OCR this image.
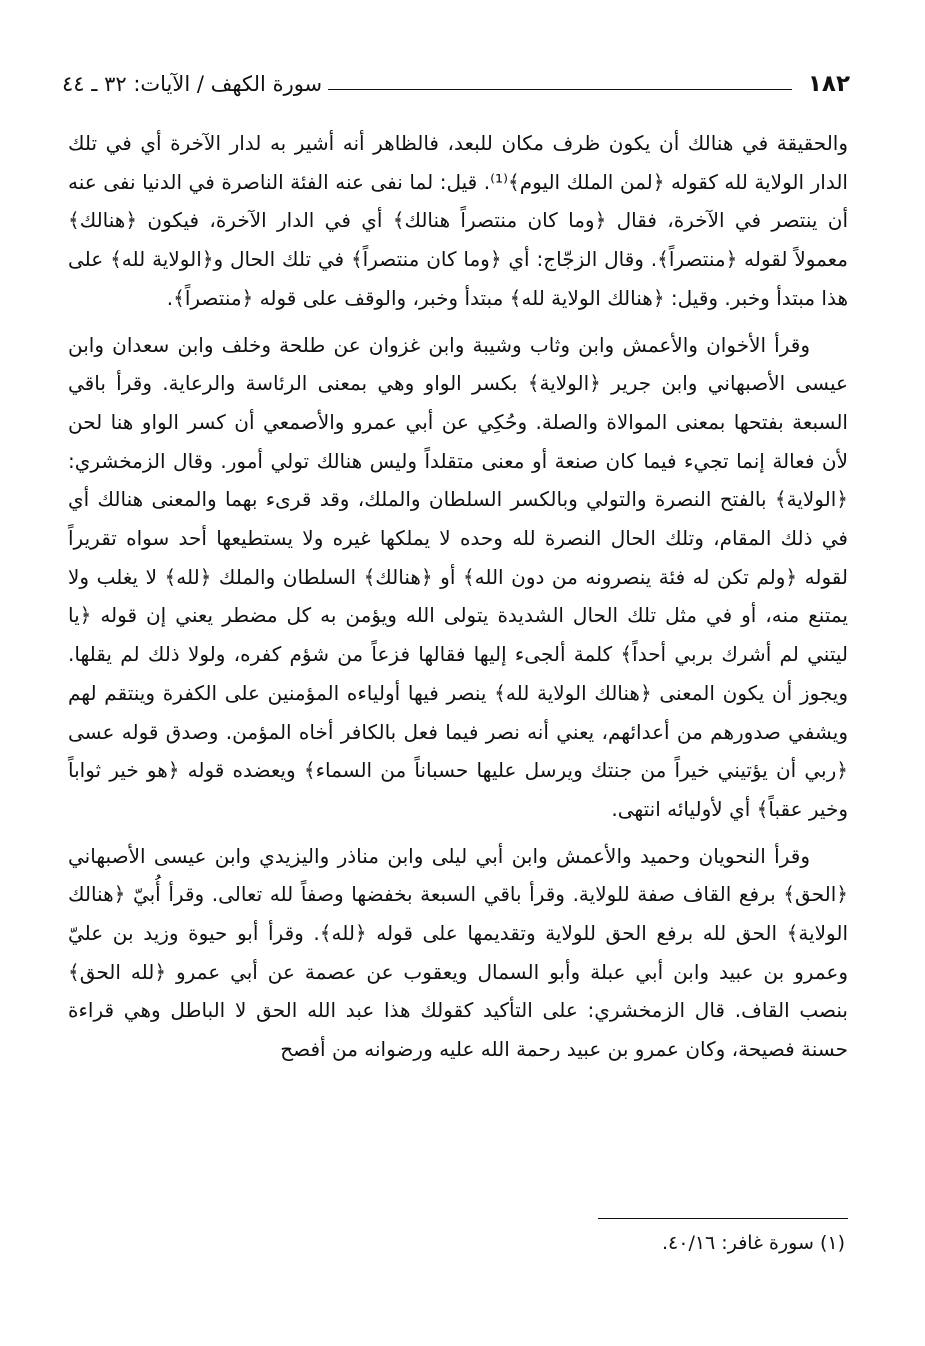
١٨٢
سورة الكهف / الآيات: ٣٢ ـ ٤٤

والحقيقة في هنالك أن يكون ظرف مكان للبعد، فالظاهر أنه أشير به لدار الآخرة أي في تلك الدار الولاية لله كقوله ﴿لمن الملك اليوم﴾⁽¹⁾. قيل: لما نفى عنه الفئة الناصرة في الدنيا نفى عنه أن ينتصر في الآخرة، فقال ﴿وما كان منتصراً هنالك﴾ أي في الدار الآخرة، فيكون ﴿هنالك﴾ معمولاً لقوله ﴿منتصراً﴾. وقال الزجّاج: أي ﴿وما كان منتصراً﴾ في تلك الحال و﴿الولاية لله﴾ على هذا مبتدأ وخبر. وقيل: ﴿هنالك الولاية لله﴾ مبتدأ وخبر، والوقف على قوله ﴿منتصراً﴾.

وقرأ الأخوان والأعمش وابن وثاب وشيبة وابن غزوان عن طلحة وخلف وابن سعدان وابن عيسى الأصبهاني وابن جرير ﴿الولاية﴾ بكسر الواو وهي بمعنى الرئاسة والرعاية. وقرأ باقي السبعة بفتحها بمعنى الموالاة والصلة. وحُكِي عن أبي عمرو والأصمعي أن كسر الواو هنا لحن لأن فعالة إنما تجيء فيما كان صنعة أو معنى متقلداً وليس هنالك تولي أمور. وقال الزمخشري: ﴿الولاية﴾ بالفتح النصرة والتولي وبالكسر السلطان والملك، وقد قرىء بهما والمعنى هنالك أي في ذلك المقام، وتلك الحال النصرة لله وحده لا يملكها غيره ولا يستطيعها أحد سواه تقريراً لقوله ﴿ولم تكن له فئة ينصرونه من دون الله﴾ أو ﴿هنالك﴾ السلطان والملك ﴿لله﴾ لا يغلب ولا يمتنع منه، أو في مثل تلك الحال الشديدة يتولى الله ويؤمن به كل مضطر يعني إن قوله ﴿يا ليتني لم أشرك بربي أحداً﴾ كلمة ألجىء إليها فقالها فزعاً من شؤم كفره، ولولا ذلك لم يقلها. ويجوز أن يكون المعنى ﴿هنالك الولاية لله﴾ ينصر فيها أولياءه المؤمنين على الكفرة وينتقم لهم ويشفي صدورهم من أعدائهم، يعني أنه نصر فيما فعل بالكافر أخاه المؤمن. وصدق قوله عسى ﴿ربي أن يؤتيني خيراً من جنتك ويرسل عليها حسباناً من السماء﴾ ويعضده قوله ﴿هو خير ثواباً وخير عقباً﴾ أي لأوليائه انتهى.

وقرأ النحويان وحميد والأعمش وابن أبي ليلى وابن مناذر واليزيدي وابن عيسى الأصبهاني ﴿الحق﴾ برفع القاف صفة للولاية. وقرأ باقي السبعة بخفضها وصفاً لله تعالى. وقرأ أُبيّ ﴿هنالك الولاية﴾ الحق لله برفع الحق للولاية وتقديمها على قوله ﴿لله﴾. وقرأ أبو حيوة وزيد بن عليّ وعمرو بن عبيد وابن أبي عبلة وأبو السمال ويعقوب عن عصمة عن أبي عمرو ﴿لله الحق﴾ بنصب القاف. قال الزمخشري: على التأكيد كقولك هذا عبد الله الحق لا الباطل وهي قراءة حسنة فصيحة، وكان عمرو بن عبيد رحمة الله عليه ورضوانه من أفصح

(١) سورة غافر: ٤٠/١٦.
